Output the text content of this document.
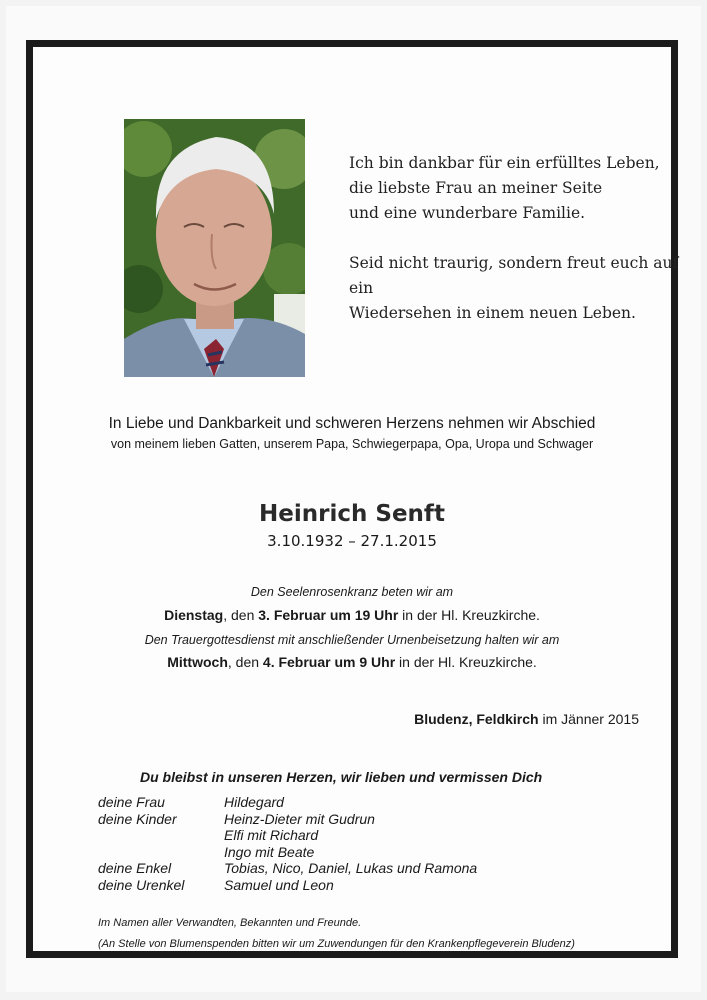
Ich bin dankbar für ein erfülltes Leben,

die liebste Frau an meiner Seite

und eine wunderbare Familie.

Seid nicht traurig, sondern freut euch auf ein

Wiedersehen in einem neuen Leben.

In Liebe und Dankbarkeit und schweren Herzens nehmen wir Abschied
von meinem lieben Gatten, unserem Papa, Schwiegerpapa, Opa, Uropa und Schwager
Heinrich Senft
3.10.1932 – 27.1.2015
Den Seelenrosenkranz beten wir am
Dienstag, den 3. Februar um 19 Uhr in der Hl. Kreuzkirche.
Den Trauergottesdienst mit anschließender Urnenbeisetzung halten wir am
Mittwoch, den 4. Februar um 9 Uhr in der Hl. Kreuzkirche.
Bludenz, Feldkirch im Jänner 2015
Du bleibst in unseren Herzen, wir lieben und vermissen Dich
deine Frau	Hildegard
deine Kinder	Heinz-Dieter mit Gudrun
Elfi mit Richard
Ingo mit Beate
deine Enkel	Tobias, Nico, Daniel, Lukas und Ramona
deine Urenkel	Samuel und Leon
Im Namen aller Verwandten, Bekannten und Freunde.
(An Stelle von Blumenspenden bitten wir um Zuwendungen für den Krankenpflegeverein Bludenz)
